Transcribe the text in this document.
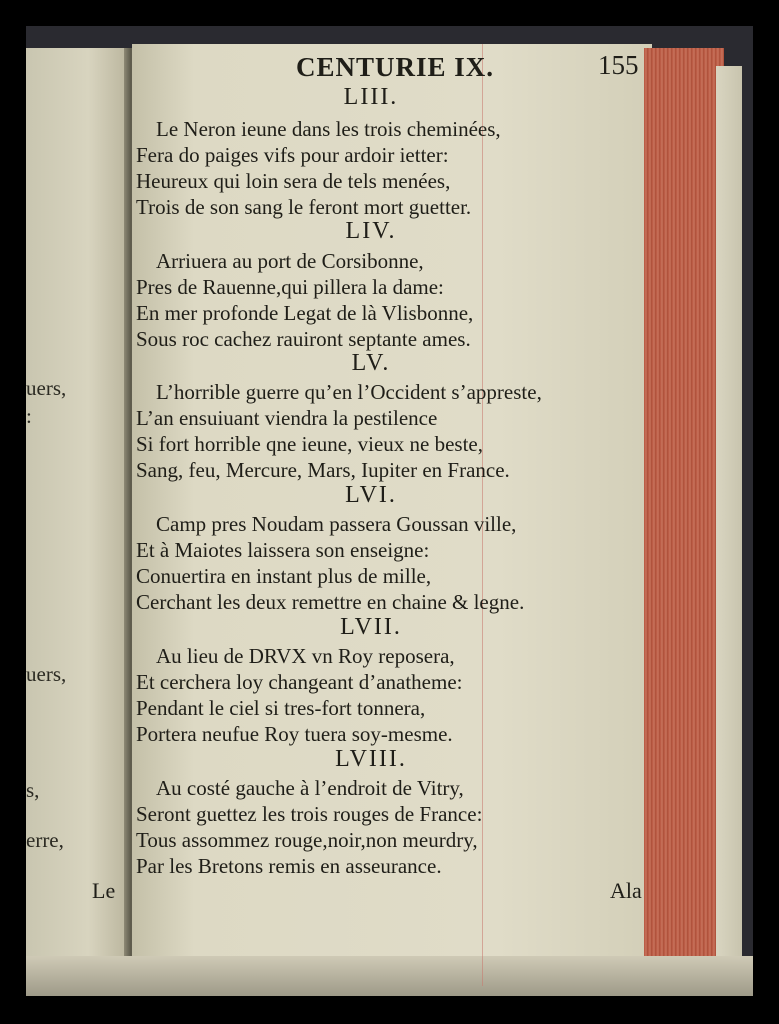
uers,
:
uers,
s,
erre,
Le
CENTURIE IX.	155
LIII.
Le Neron ieune dans les trois cheminées,
Fera do paiges vifs pour ardoir ietter:
Heureux qui loin sera de tels menées,
Trois de son sang le feront mort guetter.
LIV.
Arriuera au port de Corsibonne,
Pres de Rauenne,qui pillera la dame:
En mer profonde Legat de là Vlisbonne,
Sous roc cachez rauiront septante ames.
LV.
L’horrible guerre qu’en l’Occident s’appreste,
L’an ensuiuant viendra la pestilence
Si fort horrible qne ieune, vieux ne beste,
Sang, feu, Mercure, Mars, Iupiter en France.
LVI.
Camp pres Noudam passera Goussan ville,
Et à Maiotes laissera son enseigne:
Conuertira en instant plus de mille,
Cerchant les deux remettre en chaine & legne.
LVII.
Au lieu de DRVX vn Roy reposera,
Et cerchera loy changeant d’anatheme:
Pendant le ciel si tres-fort tonnera,
Portera neufue Roy tuera soy-mesme.
LVIII.
Au costé gauche à l’endroit de Vitry,
Seront guettez les trois rouges de France:
Tous assommez rouge,noir,non meurdry,
Par les Bretons remis en asseurance.
Ala
